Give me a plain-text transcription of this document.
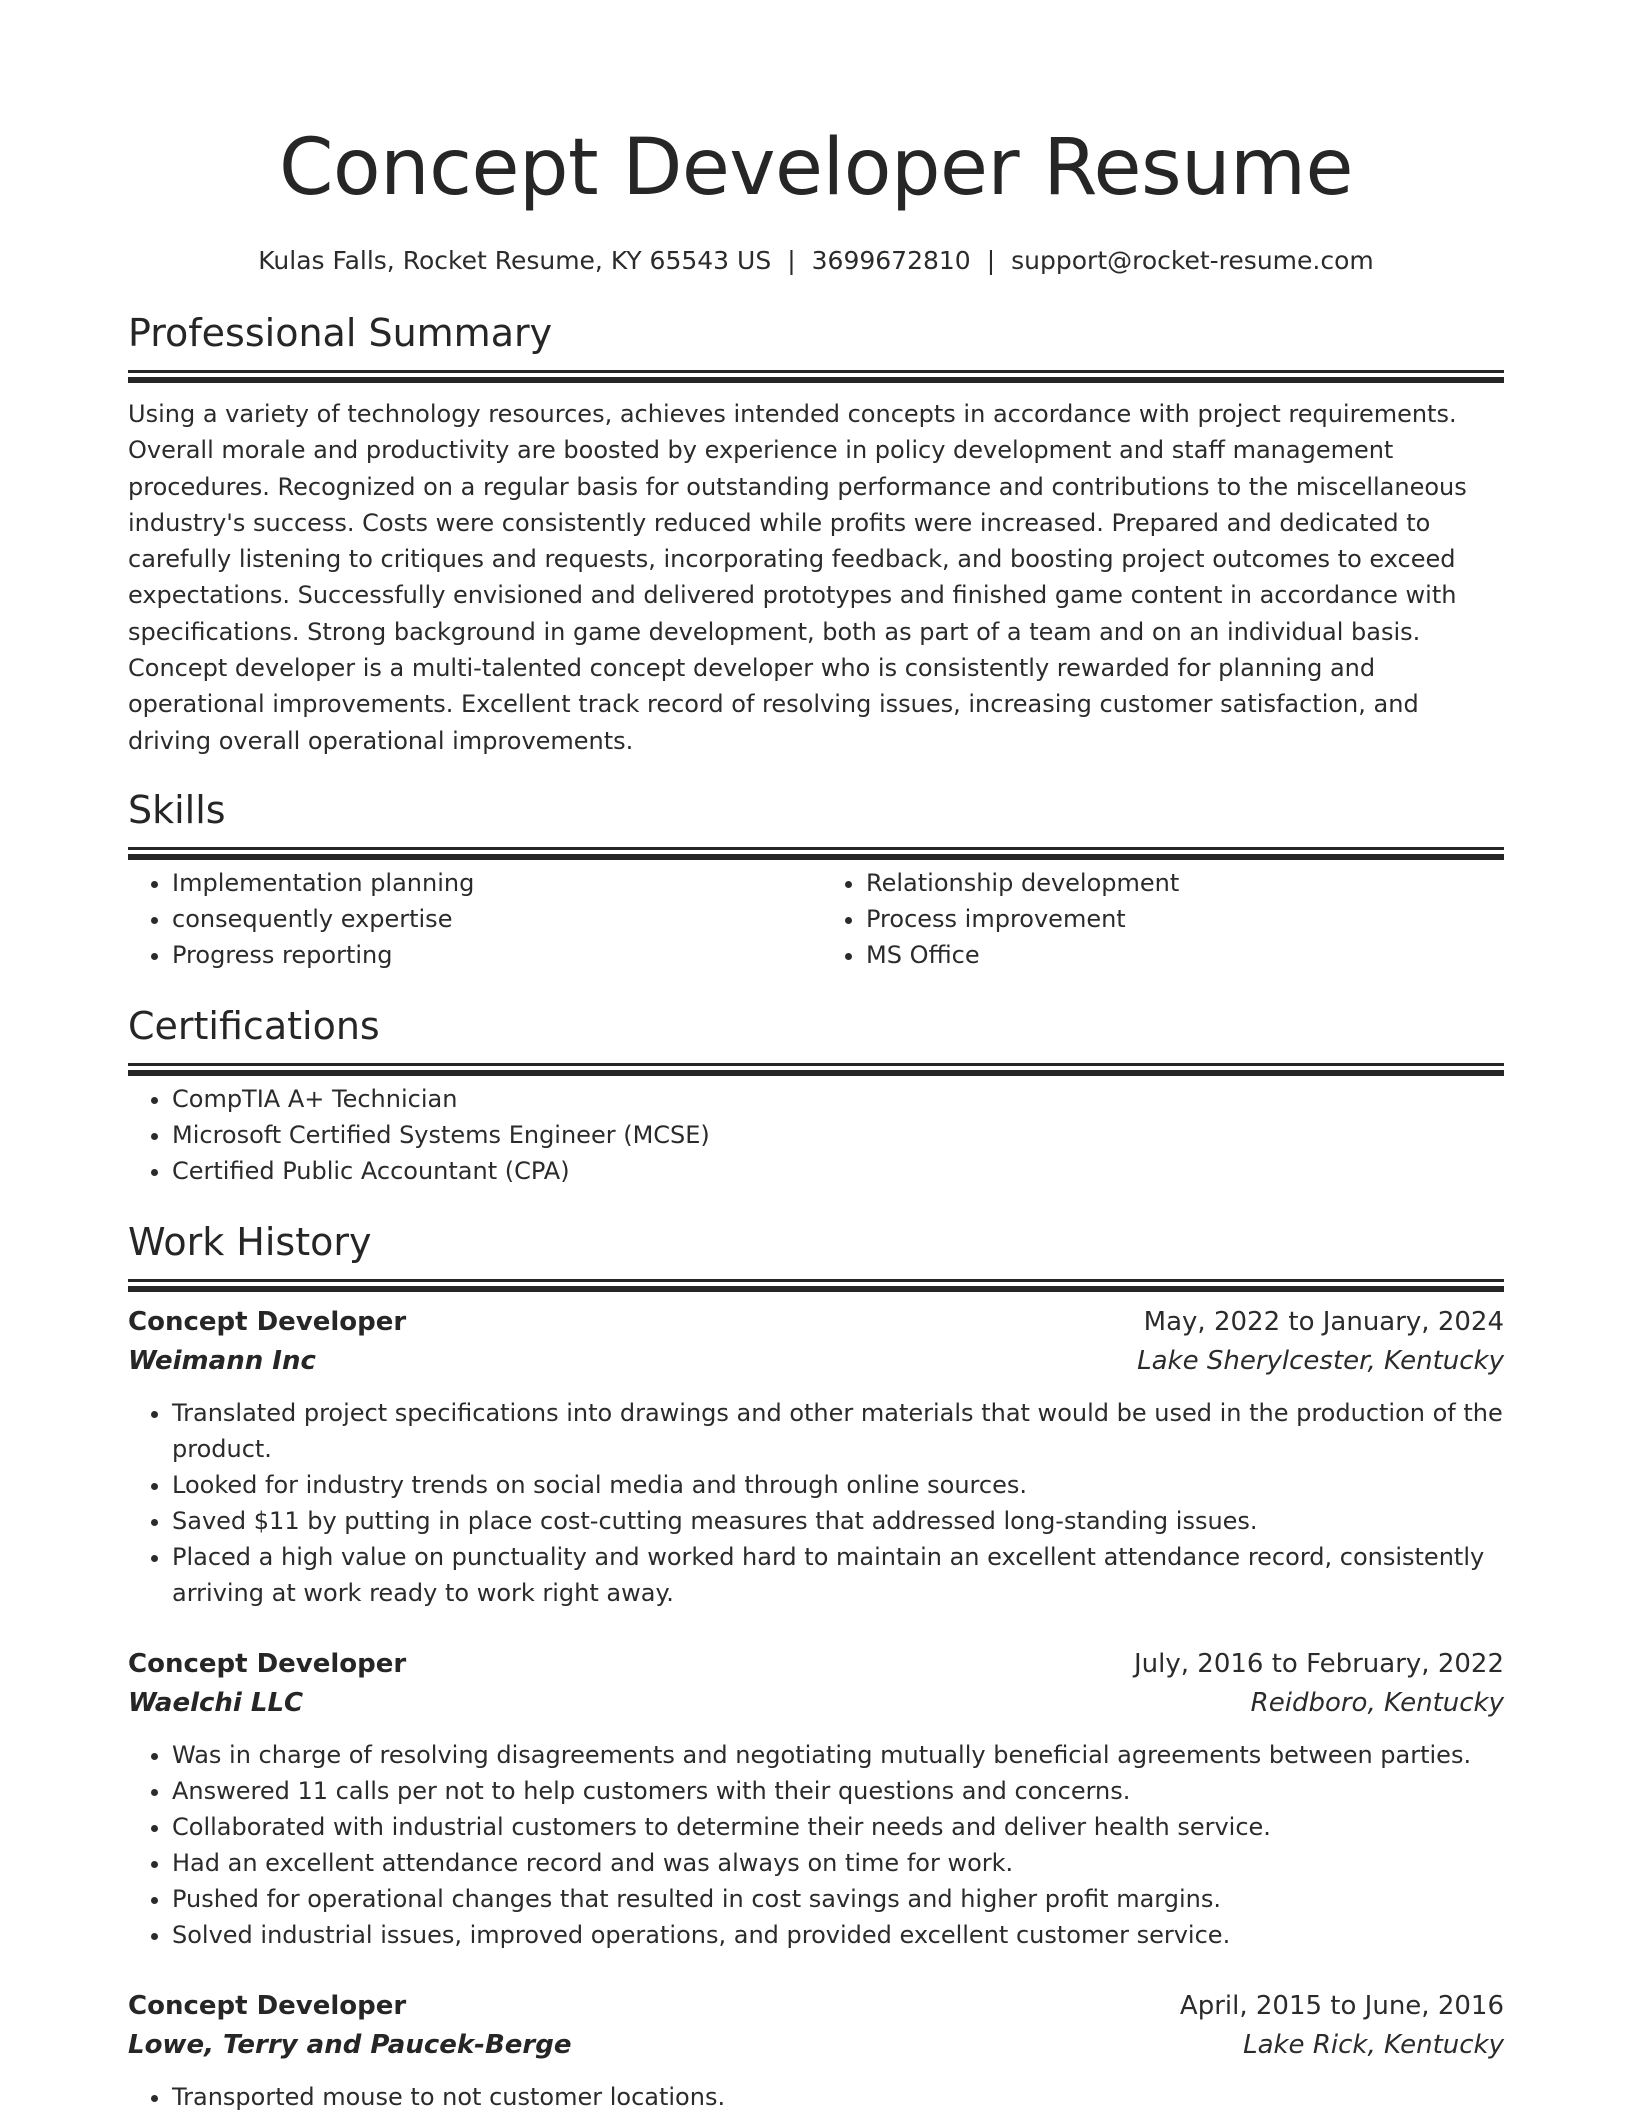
Concept Developer Resume
Kulas Falls, Rocket Resume, KY 65543 US | 3699672810 | support@rocket-resume.com
Professional Summary

Using a variety of technology resources, achieves intended concepts in accordance with project requirements. Overall morale and productivity are boosted by experience in policy development and staff management procedures. Recognized on a regular basis for outstanding performance and contributions to the miscellaneous industry's success. Costs were consistently reduced while profits were increased. Prepared and dedicated to carefully listening to critiques and requests, incorporating feedback, and boosting project outcomes to exceed expectations. Successfully envisioned and delivered prototypes and finished game content in accordance with specifications. Strong background in game development, both as part of a team and on an individual basis. Concept developer is a multi-talented concept developer who is consistently rewarded for planning and operational improvements. Excellent track record of resolving issues, increasing customer satisfaction, and driving overall operational improvements.

Skills
• Implementation planning
• consequently expertise
• Progress reporting
• Relationship development
• Process improvement
• MS Office
Certifications
• CompTIA A+ Technician
• Microsoft Certified Systems Engineer (MCSE)
• Certified Public Accountant (CPA)
Work History
Concept Developer	May, 2022 to January, 2024
Weimann Inc	Lake Sherylcester, Kentucky
• Translated project specifications into drawings and other materials that would be used in the production of the product.
• Looked for industry trends on social media and through online sources.
• Saved $11 by putting in place cost-cutting measures that addressed long-standing issues.
• Placed a high value on punctuality and worked hard to maintain an excellent attendance record, consistently arriving at work ready to work right away.
Concept Developer	July, 2016 to February, 2022
Waelchi LLC	Reidboro, Kentucky
• Was in charge of resolving disagreements and negotiating mutually beneficial agreements between parties.
• Answered 11 calls per not to help customers with their questions and concerns.
• Collaborated with industrial customers to determine their needs and deliver health service.
• Had an excellent attendance record and was always on time for work.
• Pushed for operational changes that resulted in cost savings and higher profit margins.
• Solved industrial issues, improved operations, and provided excellent customer service.
Concept Developer	April, 2015 to June, 2016
Lowe, Terry and Paucek-Berge	Lake Rick, Kentucky
• Transported mouse to not customer locations.
